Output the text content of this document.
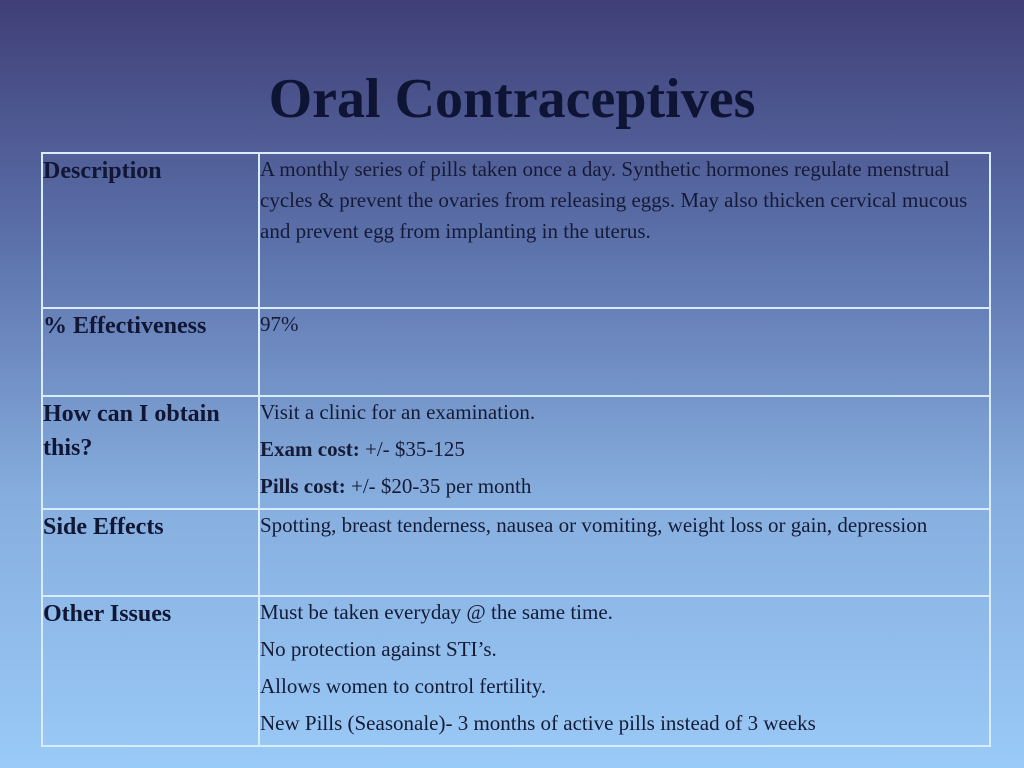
Oral Contraceptives
Description	A monthly series of pills taken once a day. Synthetic hormones regulate menstrual cycles & prevent the ovaries from releasing eggs. May also thicken cervical mucous and prevent egg from implanting in the uterus.
% Effectiveness	97%
How can I obtain this?	Visit a clinic for an examination.

Exam cost: +/- $35-125

Pills cost: +/- $20-35 per month

Side Effects	Spotting, breast tenderness, nausea or vomiting, weight loss or gain, depression
Other Issues	Must be taken everyday @ the same time.

No protection against STI’s.

Allows women to control fertility.

New Pills (Seasonale)- 3 months of active pills instead of 3 weeks
